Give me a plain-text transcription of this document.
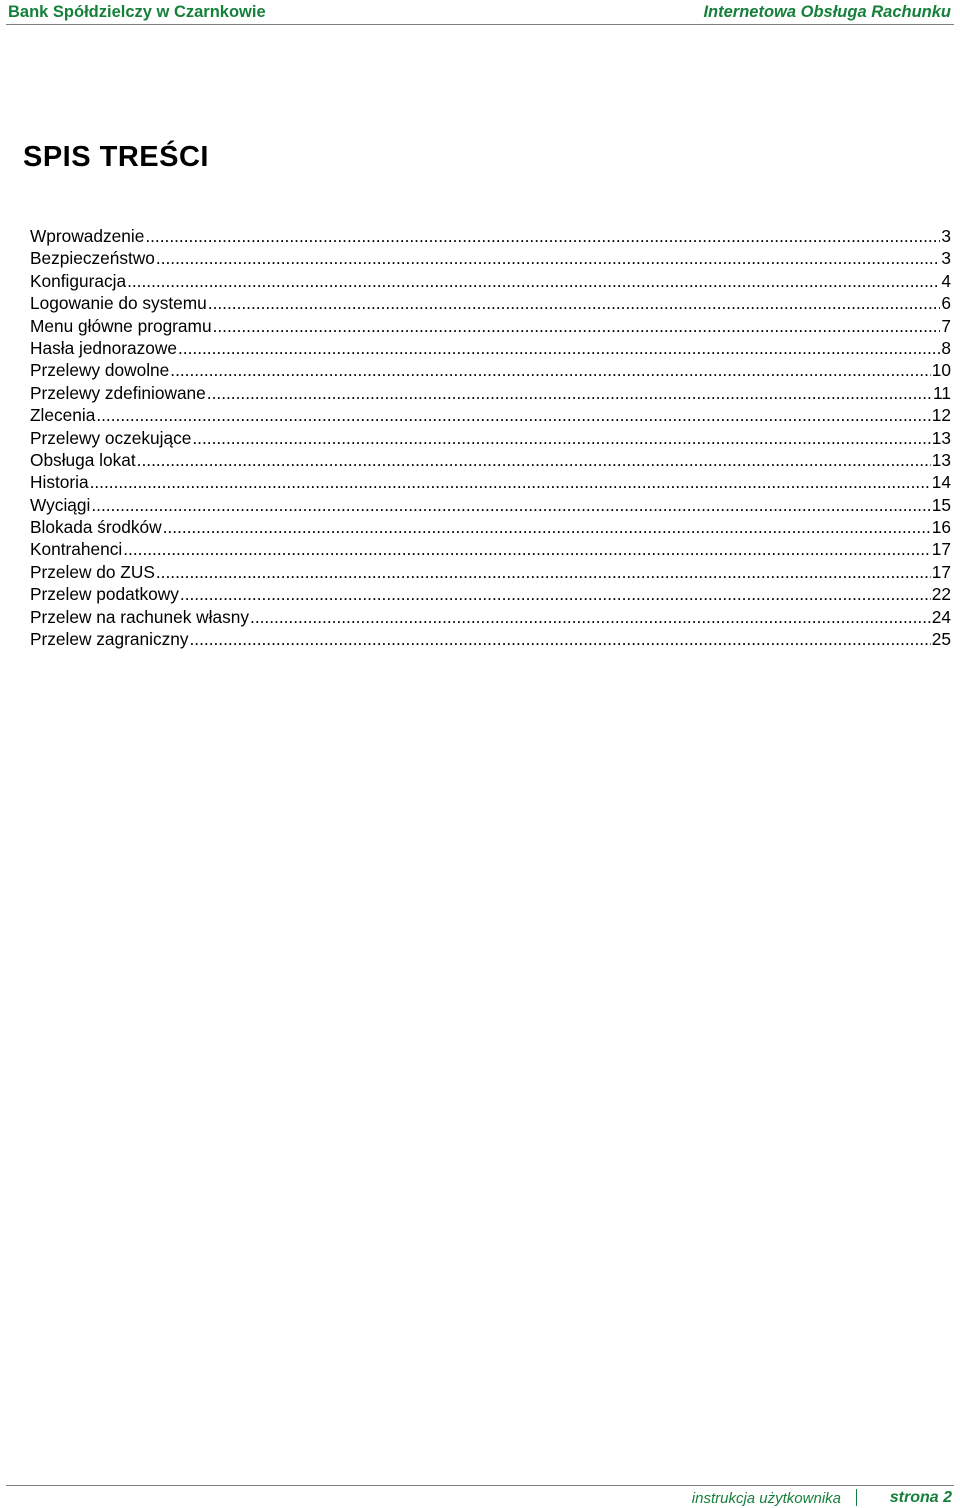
Bank Spółdzielczy w Czarnkowie	Internetowa Obsługa Rachunku
SPIS TREŚCI
Wprowadzenie .....	3
Bezpieczeństwo .....	3
Konfiguracja .....	4
Logowanie do systemu .....	6
Menu główne programu .....	7
Hasła jednorazowe .....	8
Przelewy dowolne .....	10
Przelewy zdefiniowane .....	11
Zlecenia .....	12
Przelewy oczekujące .....	13
Obsługa lokat .....	13
Historia .....	14
Wyciągi .....	15
Blokada środków .....	16
Kontrahenci .....	17
Przelew do ZUS .....	17
Przelew podatkowy .....	22
Przelew na rachunek własny .....	24
Przelew zagraniczny .....	25
instrukcja użytkownika	strona 2
